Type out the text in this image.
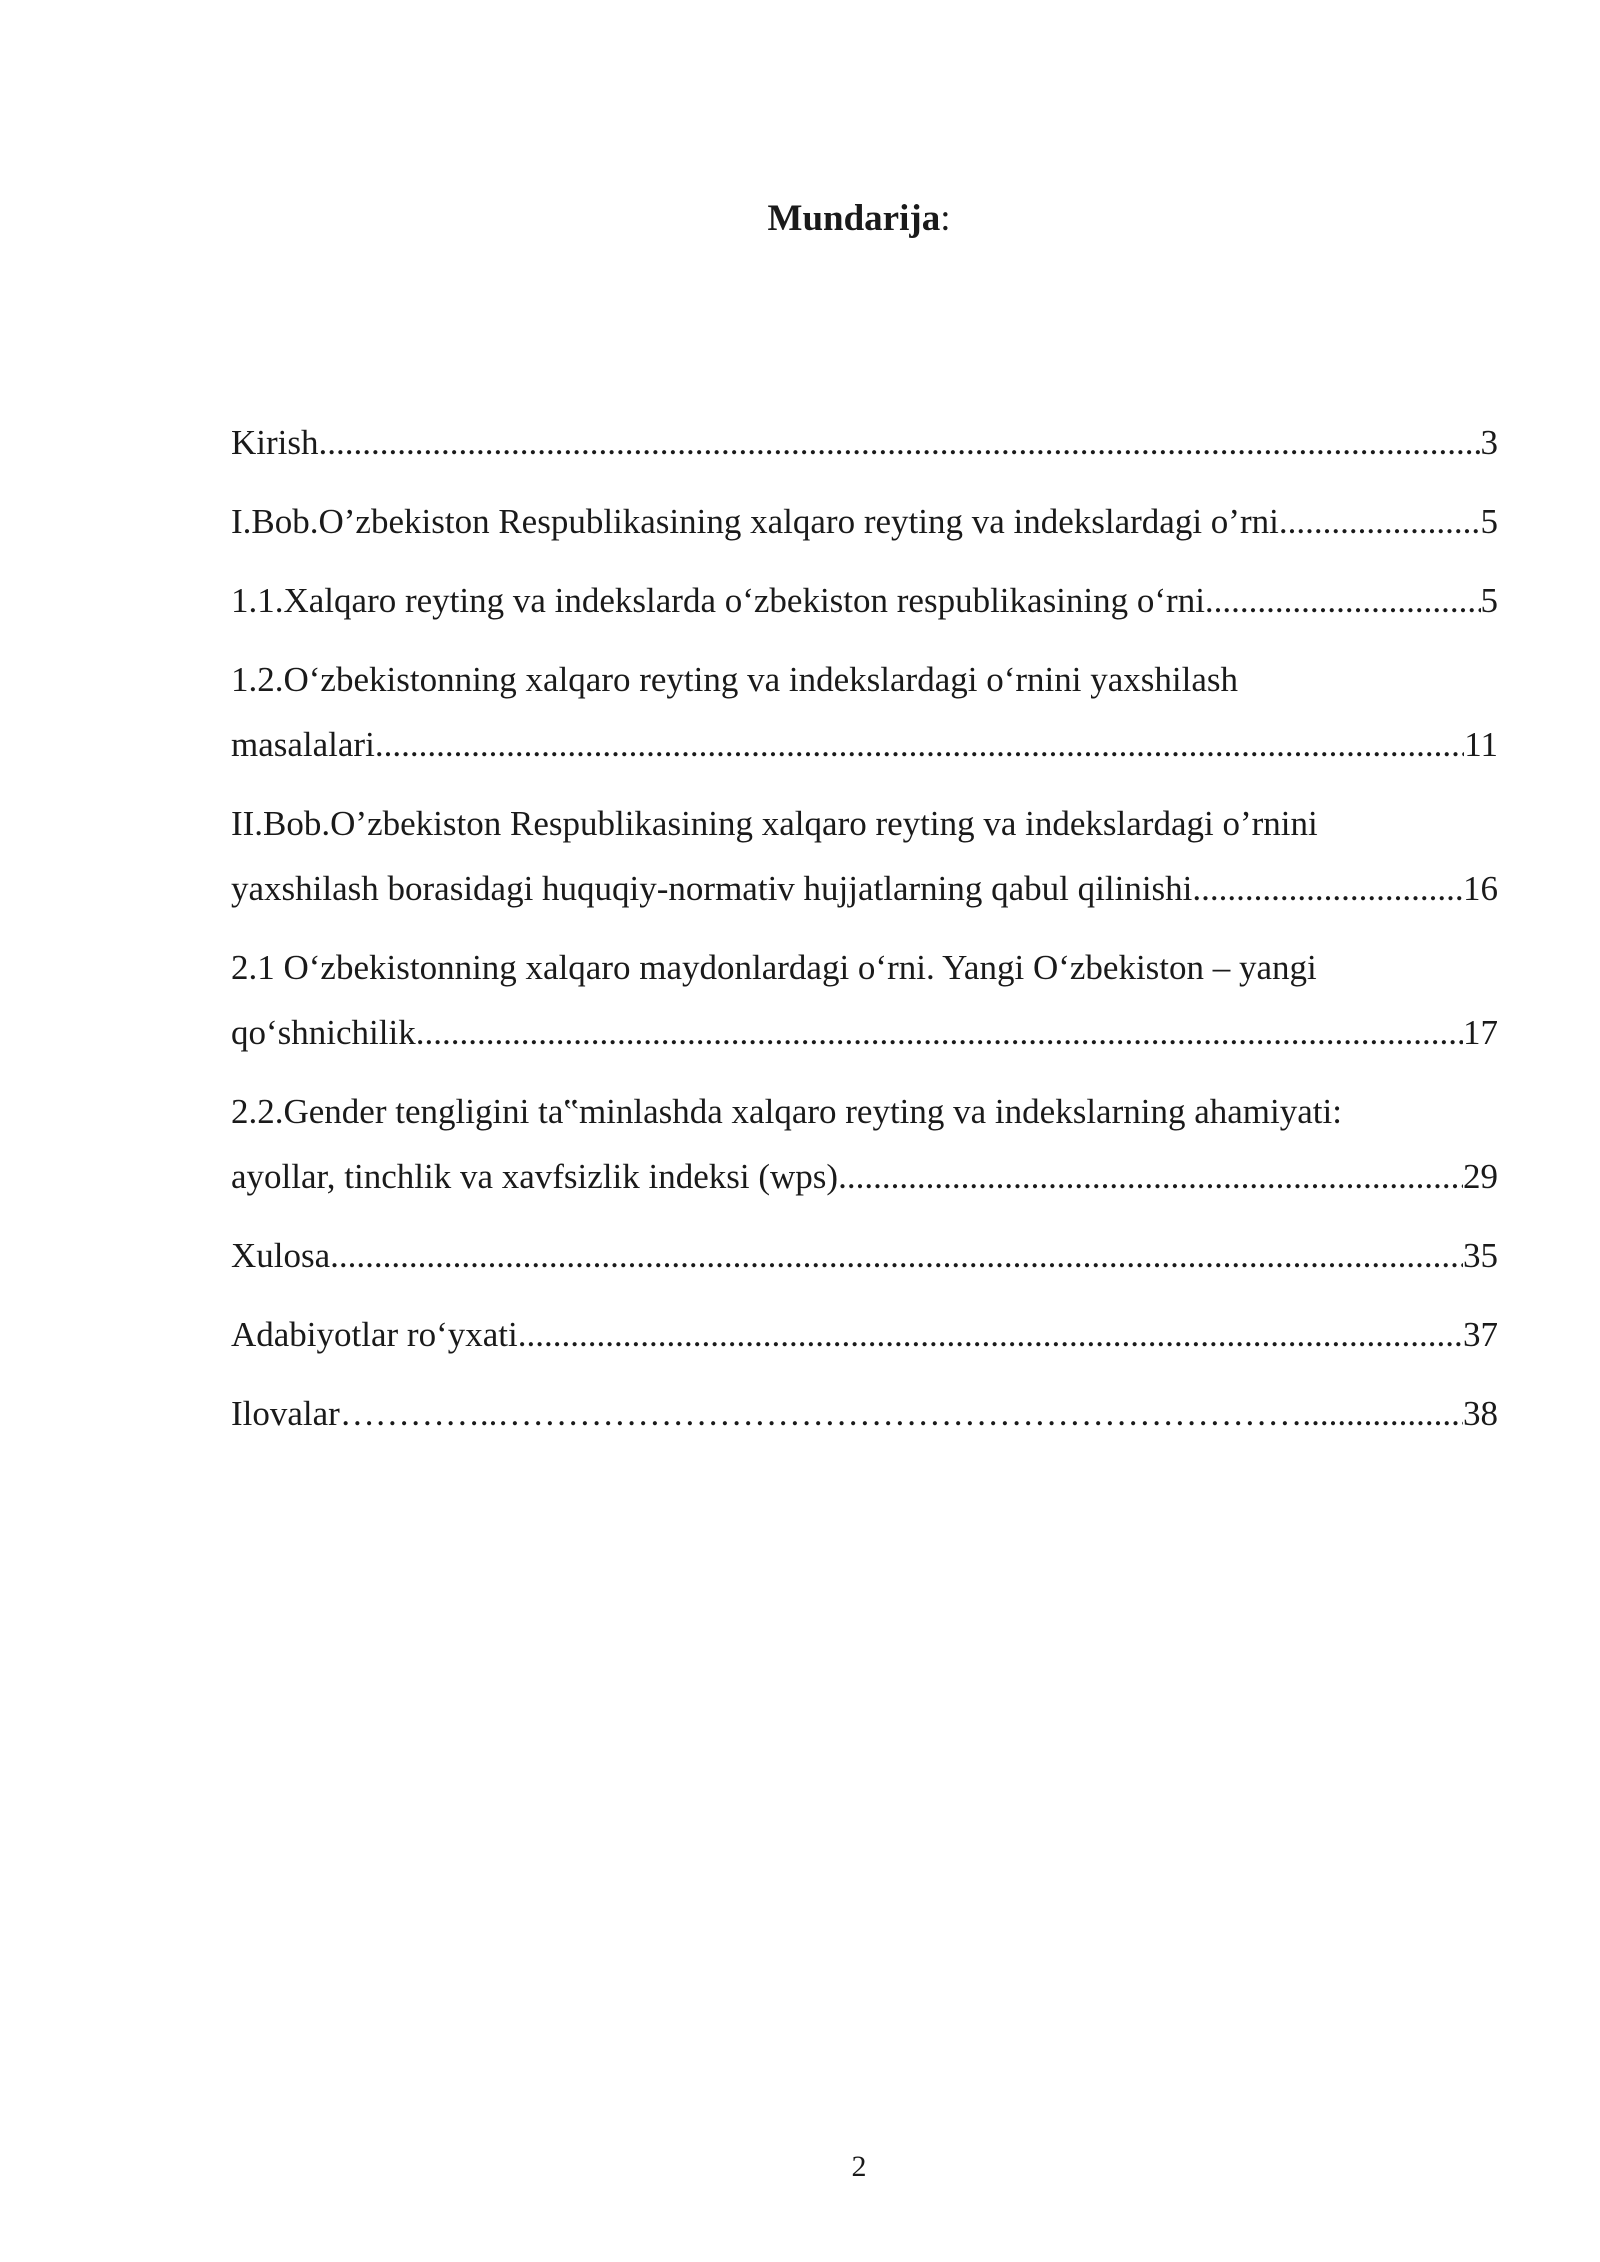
Mundarija:
Kirish .....	3
I.Bob.O’zbekiston Respublikasining xalqaro reyting va indekslardagi o’rni .....	5
1.1.Xalqaro reyting va indekslarda o‘zbekiston respublikasining o‘rni .....	5
1.2.O‘zbekistonning xalqaro reyting va indekslardagi o‘rnini yaxshilash
masalalari .....	11
II.Bob.O’zbekiston Respublikasining xalqaro reyting va indekslardagi o’rnini
yaxshilash borasidagi huquqiy-normativ hujjatlarning qabul qilinishi .....	16
2.1 O‘zbekistonning xalqaro maydonlardagi o‘rni. Yangi O‘zbekiston – yangi
qo‘shnichilik .....	17
2.2.Gender tengligini ta‟minlashda xalqaro reyting va indekslarning ahamiyati:
ayollar, tinchlik va xavfsizlik indeksi (wps) .....	29
Xulosa .....	35
Adabiyotlar ro‘yxati .....	37
Ilovalar…………..…………………………………………………………….. .....	38
2
